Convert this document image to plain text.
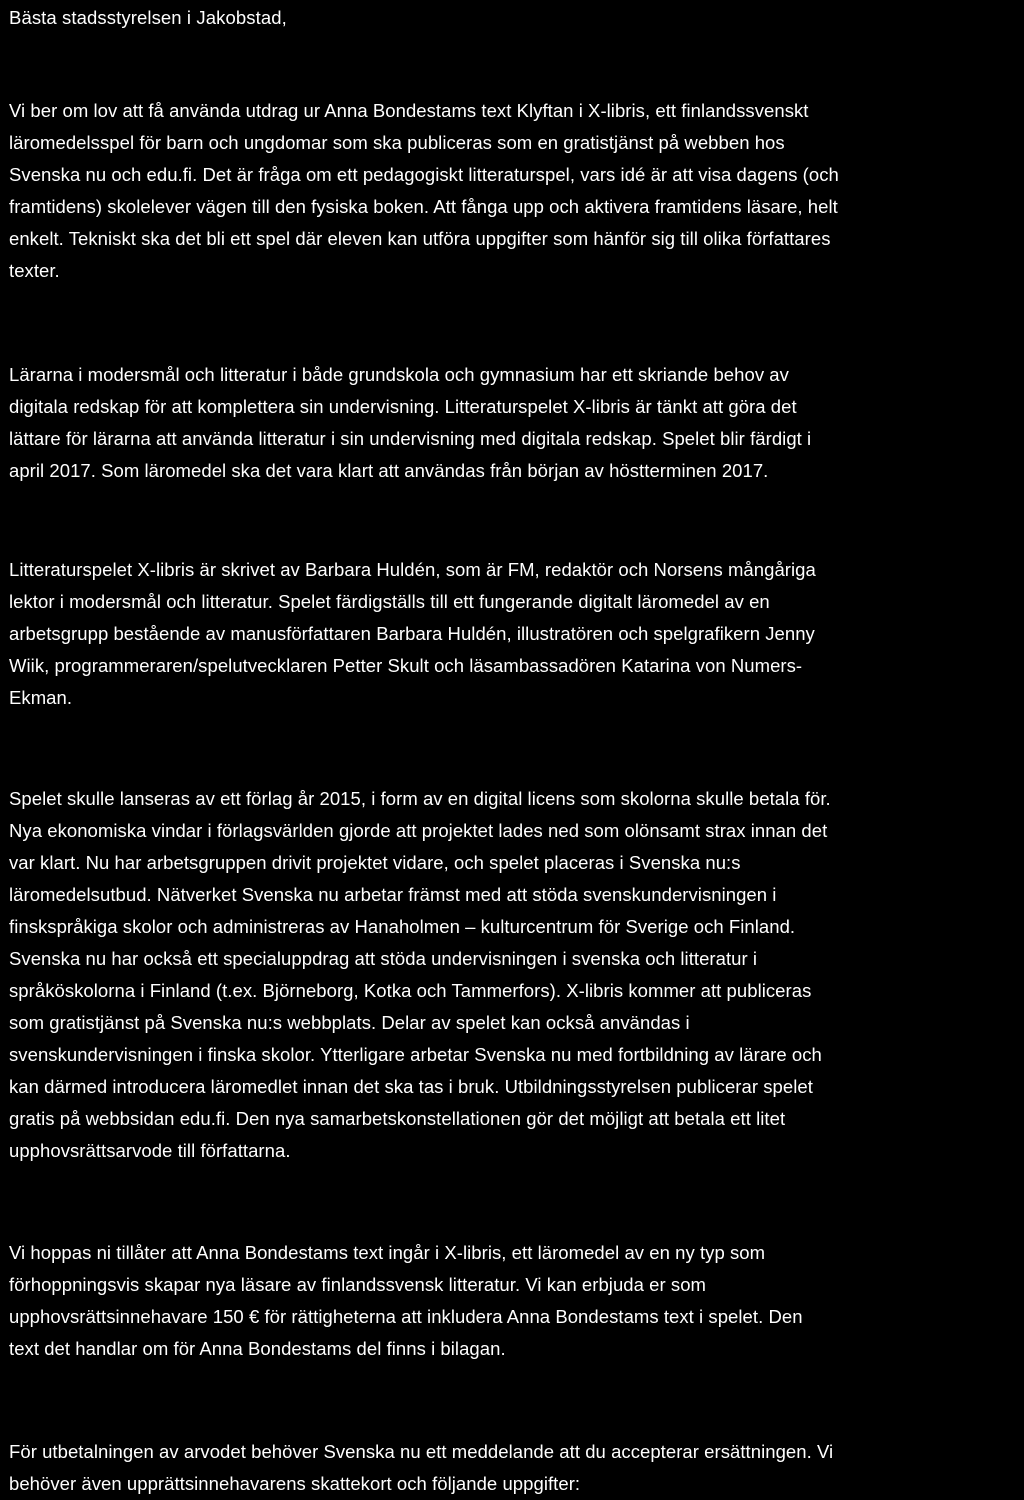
Bästa stadsstyrelsen i Jakobstad,

Vi ber om lov att få använda utdrag ur Anna Bondestams text Klyftan i X-libris, ett finlandssvenskt
läromedelsspel för barn och ungdomar som ska publiceras som en gratistjänst på webben hos
Svenska nu och edu.fi. Det är fråga om ett pedagogiskt litteraturspel, vars idé är att visa dagens (och
framtidens) skolelever vägen till den fysiska boken. Att fånga upp och aktivera framtidens läsare, helt
enkelt. Tekniskt ska det bli ett spel där eleven kan utföra uppgifter som hänför sig till olika författares
texter.
Lärarna i modersmål och litteratur i både grundskola och gymnasium har ett skriande behov av
digitala redskap för att komplettera sin undervisning. Litteraturspelet X-libris är tänkt att göra det
lättare för lärarna att använda litteratur i sin undervisning med digitala redskap. Spelet blir färdigt i
april 2017. Som läromedel ska det vara klart att användas från början av höstterminen 2017.
Litteraturspelet X-libris är skrivet av Barbara Huldén, som är FM, redaktör och Norsens mångåriga
lektor i modersmål och litteratur. Spelet färdigställs till ett fungerande digitalt läromedel av en
arbetsgrupp bestående av manusförfattaren Barbara Huldén, illustratören och spelgrafikern Jenny
Wiik, programmeraren/spelutvecklaren Petter Skult och läsambassadören Katarina von Numers-
Ekman.
Spelet skulle lanseras av ett förlag år 2015, i form av en digital licens som skolorna skulle betala för.
Nya ekonomiska vindar i förlagsvärlden gjorde att projektet lades ned som olönsamt strax innan det
var klart. Nu har arbetsgruppen drivit projektet vidare, och spelet placeras i Svenska nu:s
läromedelsutbud. Nätverket Svenska nu arbetar främst med att stöda svenskundervisningen i
finskspråkiga skolor och administreras av Hanaholmen – kulturcentrum för Sverige och Finland.
Svenska nu har också ett specialuppdrag att stöda undervisningen i svenska och litteratur i
språköskolorna i Finland (t.ex. Björneborg, Kotka och Tammerfors). X-libris kommer att publiceras
som gratistjänst på Svenska nu:s webbplats. Delar av spelet kan också användas i
svenskundervisningen i finska skolor. Ytterligare arbetar Svenska nu med fortbildning av lärare och
kan därmed introducera läromedlet innan det ska tas i bruk. Utbildningsstyrelsen publicerar spelet
gratis på webbsidan edu.fi. Den nya samarbetskonstellationen gör det möjligt att betala ett litet
upphovsrättsarvode till författarna.
Vi hoppas ni tillåter att Anna Bondestams text ingår i X-libris, ett läromedel av en ny typ som
förhoppningsvis skapar nya läsare av finlandssvensk litteratur. Vi kan erbjuda er som
upphovsrättsinnehavare 150 € för rättigheterna att inkludera Anna Bondestams text i spelet. Den
text det handlar om för Anna Bondestams del finns i bilagan.
För utbetalningen av arvodet behöver Svenska nu ett meddelande att du accepterar ersättningen. Vi
behöver även upprättsinnehavarens skattekort och följande uppgifter:
